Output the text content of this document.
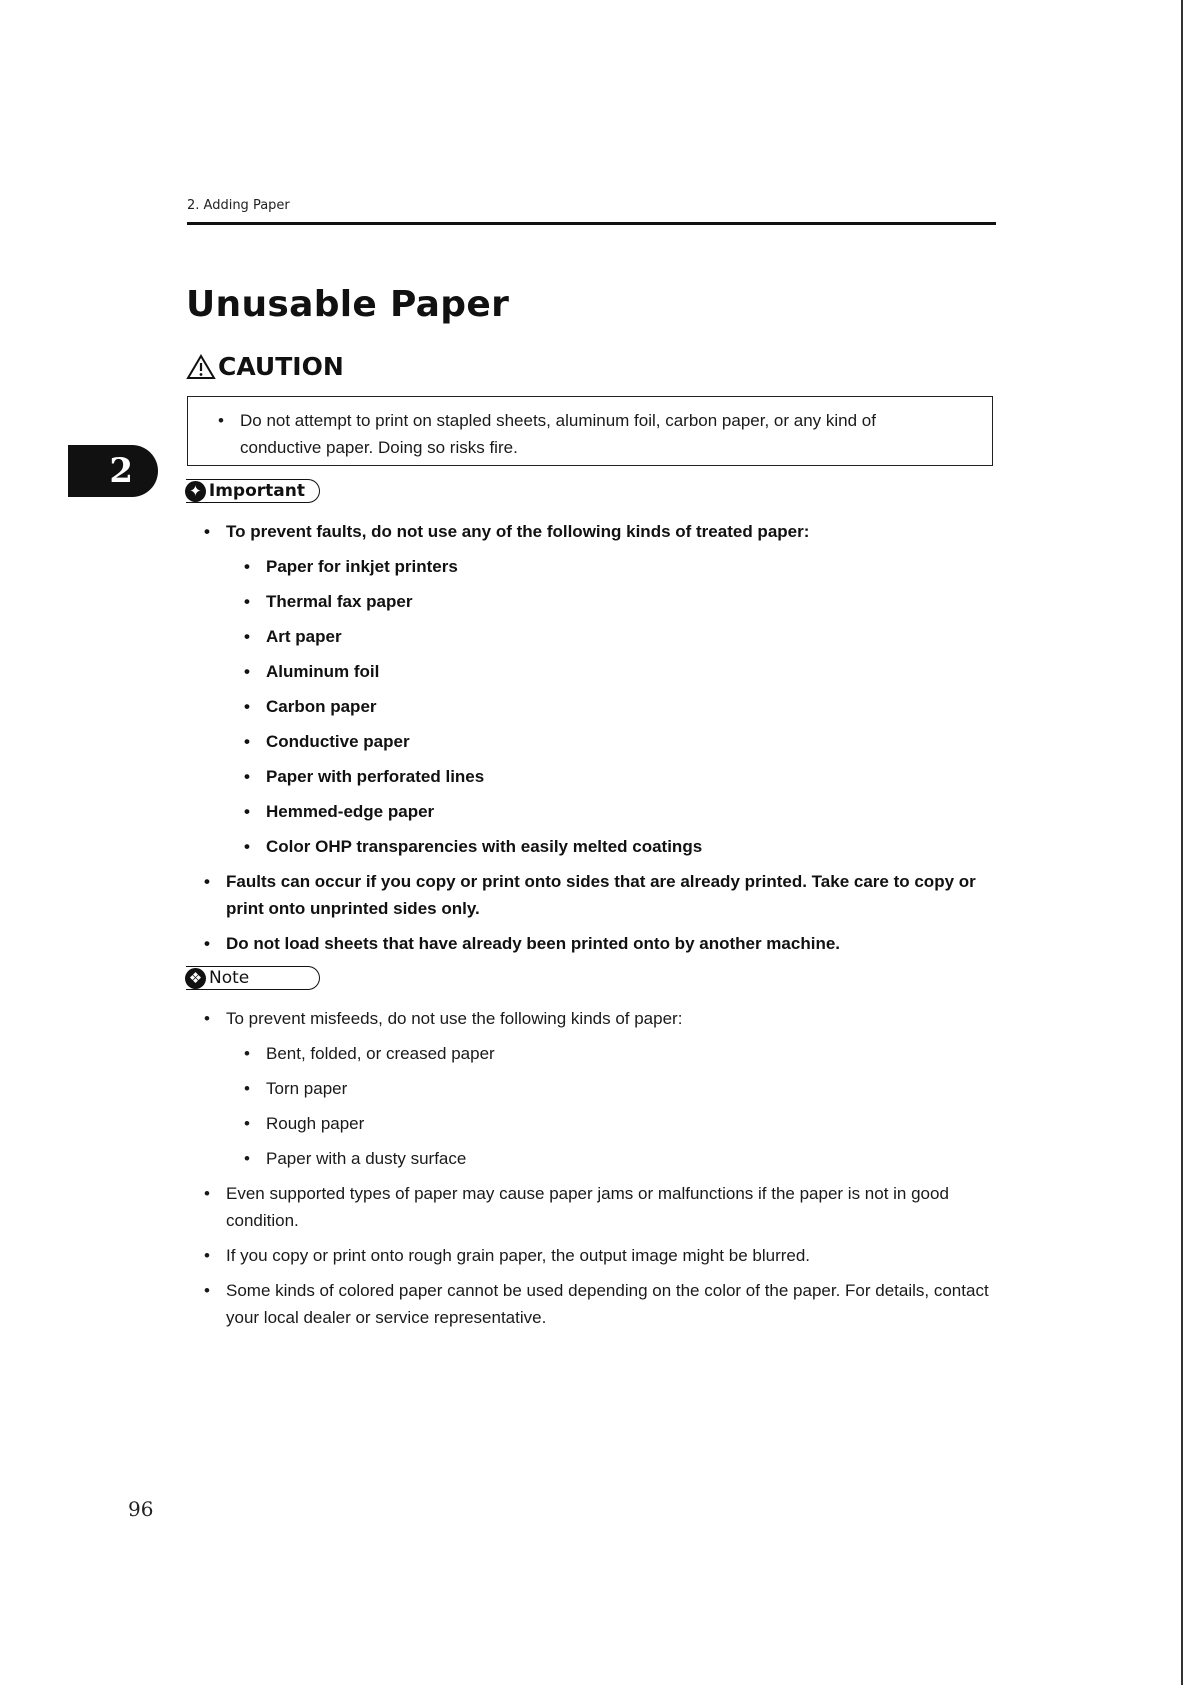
2. Adding Paper
Unusable Paper
CAUTION
• Do not attempt to print on stapled sheets, aluminum foil, carbon paper, or any kind of conductive paper. Doing so risks fire.
2	✦ Important
• To prevent faults, do not use any of the following kinds of treated paper:
• Paper for inkjet printers
• Thermal fax paper
• Art paper
• Aluminum foil
• Carbon paper
• Conductive paper
• Paper with perforated lines
• Hemmed-edge paper
• Color OHP transparencies with easily melted coatings
• Faults can occur if you copy or print onto sides that are already printed. Take care to copy or print onto unprinted sides only.
• Do not load sheets that have already been printed onto by another machine.
❖ Note
• To prevent misfeeds, do not use the following kinds of paper:
• Bent, folded, or creased paper
• Torn paper
• Rough paper
• Paper with a dusty surface
• Even supported types of paper may cause paper jams or malfunctions if the paper is not in good condition.
• If you copy or print onto rough grain paper, the output image might be blurred.
• Some kinds of colored paper cannot be used depending on the color of the paper. For details, contact your local dealer or service representative.
96
